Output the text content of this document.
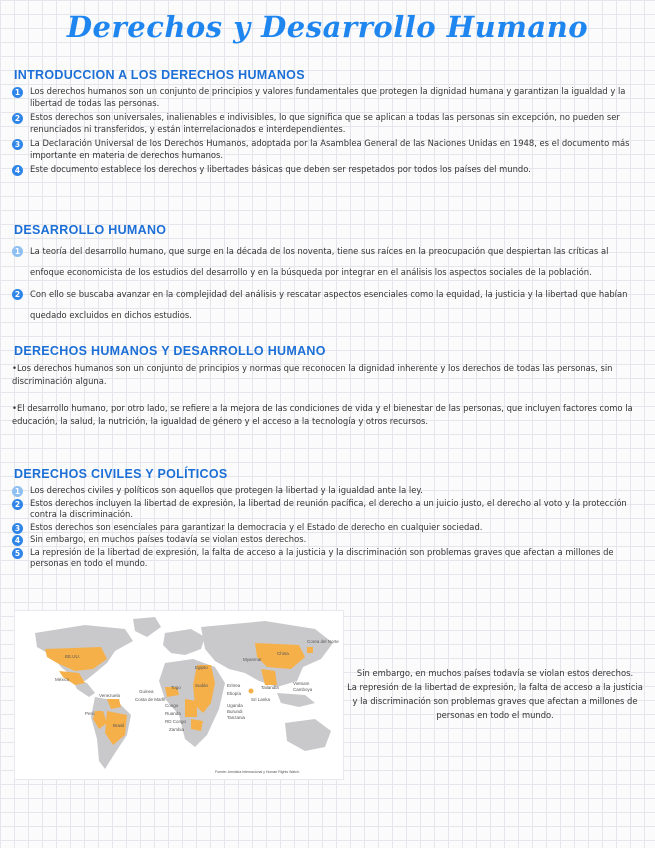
Derechos y Desarrollo Humano
INTRODUCCION A LOS DERECHOS HUMANOS
1	Los derechos humanos son un conjunto de principios y valores fundamentales que protegen la dignidad humana y garantizan la igualdad y la libertad de todas las personas.
2	Estos derechos son universales, inalienables e indivisibles, lo que significa que se aplican a todas las personas sin excepción, no pueden ser renunciados ni transferidos, y están interrelacionados e interdependientes.
3	La Declaración Universal de los Derechos Humanos, adoptada por la Asamblea General de las Naciones Unidas en 1948, es el documento más importante en materia de derechos humanos.
4	Este documento establece los derechos y libertades básicas que deben ser respetados por todos los países del mundo.
DESARROLLO HUMANO
1	La teoría del desarrollo humano, que surge en la década de los noventa, tiene sus raíces en la preocupación que despiertan las críticas al enfoque economicista de los estudios del desarrollo y en la búsqueda por integrar en el análisis los aspectos sociales de la población.
2	Con ello se buscaba avanzar en la complejidad del análisis y rescatar aspectos esenciales como la equidad, la justicia y la libertad que habían quedado excluidos en dichos estudios.
DERECHOS HUMANOS Y DESARROLLO HUMANO

•Los derechos humanos son un conjunto de principios y normas que reconocen la dignidad inherente y los derechos de todas las personas, sin discriminación alguna.

•El desarrollo humano, por otro lado, se refiere a la mejora de las condiciones de vida y el bienestar de las personas, que incluyen factores como la educación, la salud, la nutrición, la igualdad de género y el acceso a la tecnología y otros recursos.

DERECHOS CIVILES Y POLÍTICOS
1	Los derechos civiles y políticos son aquellos que protegen la libertad y la igualdad ante la ley.
2	Estos derechos incluyen la libertad de expresión, la libertad de reunión pacífica, el derecho a un juicio justo, el derecho al voto y la protección contra la discriminación.
3	Estos derechos son esenciales para garantizar la democracia y el Estado de derecho en cualquier sociedad.
4	Sin embargo, en muchos países todavía se violan estos derechos.
5	La represión de la libertad de expresión, la falta de acceso a la justicia y la discriminación son problemas graves que afectan a millones de personas en todo el mundo.
EE.UU.
México
Venezuela
Perú
Brasil
Guinea
Costa de Marfil
Togo
Egipto
Sudán
Uganda
Burundi
Tanzania
RD Congo
Congo
Ruanda
Zambia
Eritrea
Etiopía
Myanmar
China
Corea del Norte
Tailandia
Vietnam
Camboya
Sri Lanka
Fuente: Amnistía Internacional y Human Rights Watch.
Sin embargo, en muchos países todavía se violan estos derechos.
La represión de la libertad de expresión, la falta de acceso a la justicia
y la discriminación son problemas graves que afectan a millones de
personas en todo el mundo.
